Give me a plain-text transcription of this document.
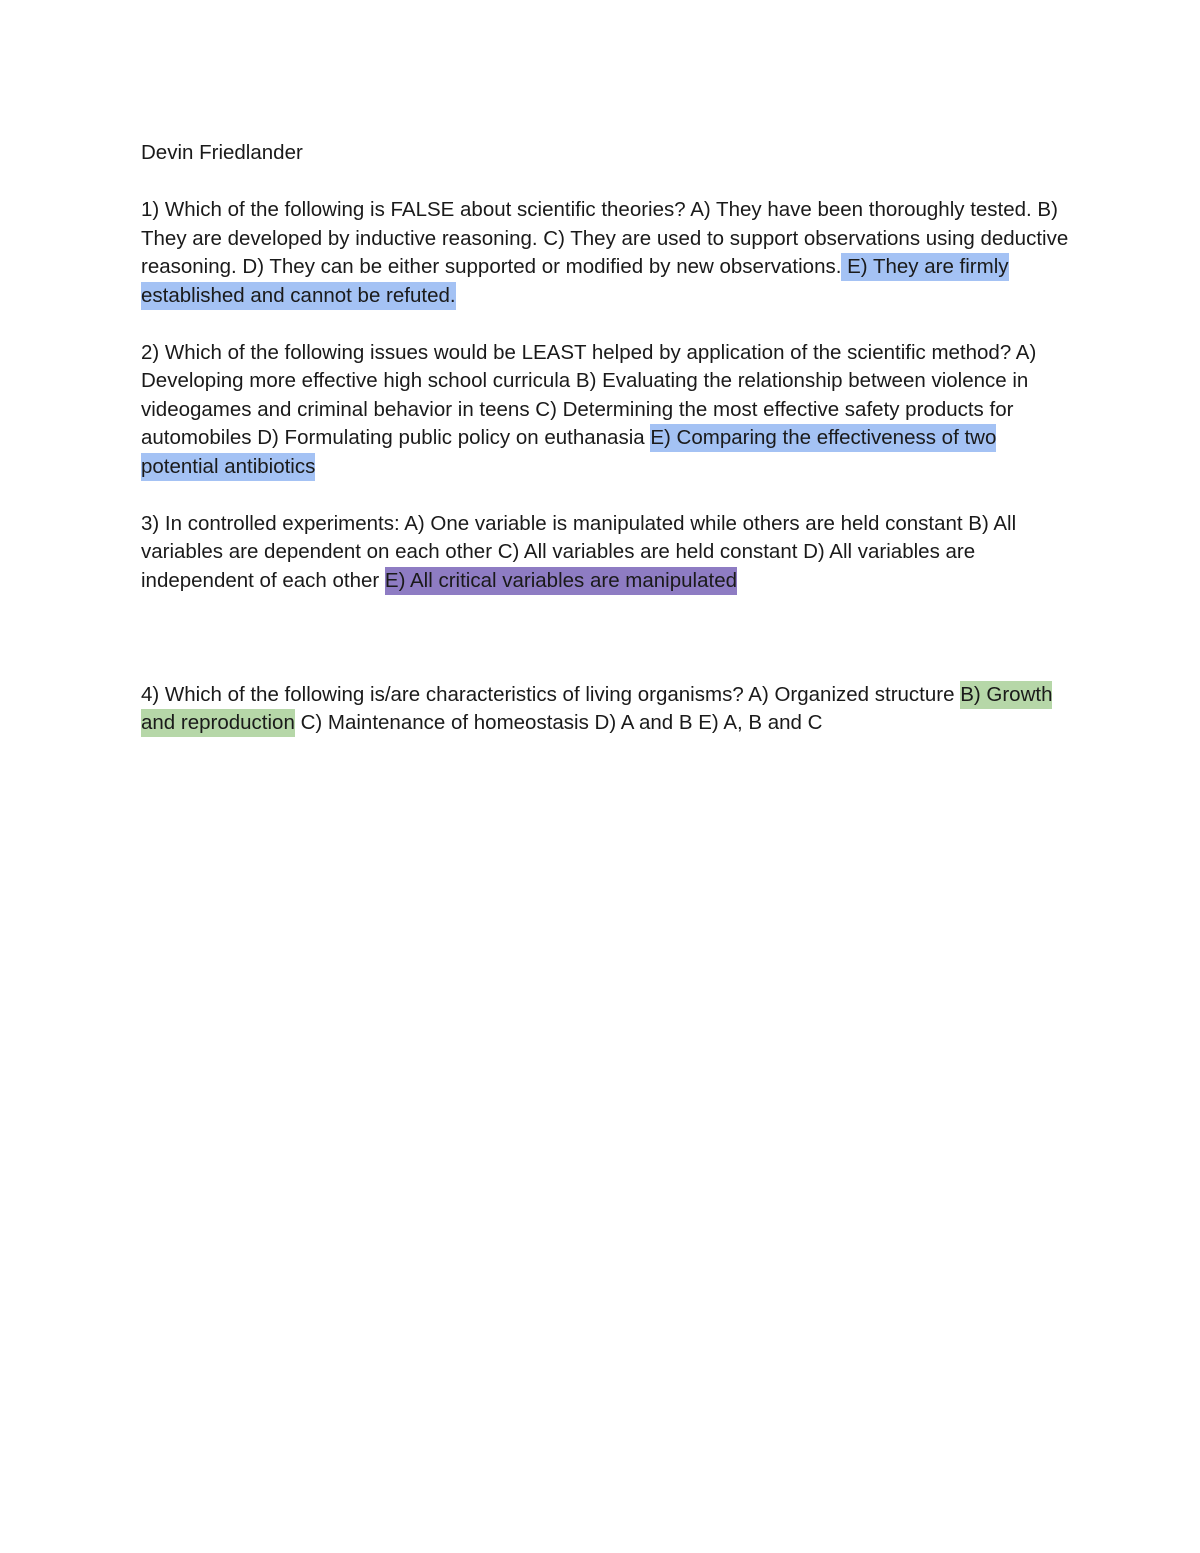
Devin Friedlander

1) Which of the following is FALSE about scientific theories? A) They have been thoroughly tested. B) They are developed by inductive reasoning. C) They are used to support observations using deductive reasoning. D) They can be either supported or modified by new observations. E) They are firmly established and cannot be refuted.

2) Which of the following issues would be LEAST helped by application of the scientific method? A) Developing more effective high school curricula B) Evaluating the relationship between violence in videogames and criminal behavior in teens C) Determining the most effective safety products for automobiles D) Formulating public policy on euthanasia E) Comparing the effectiveness of two potential antibiotics

3) In controlled experiments: A) One variable is manipulated while others are held constant B) All variables are dependent on each other C) All variables are held constant D) All variables are independent of each other E) All critical variables are manipulated

4) Which of the following is/are characteristics of living organisms? A) Organized structure B) Growth and reproduction C) Maintenance of homeostasis D) A and B E) A, B and C
